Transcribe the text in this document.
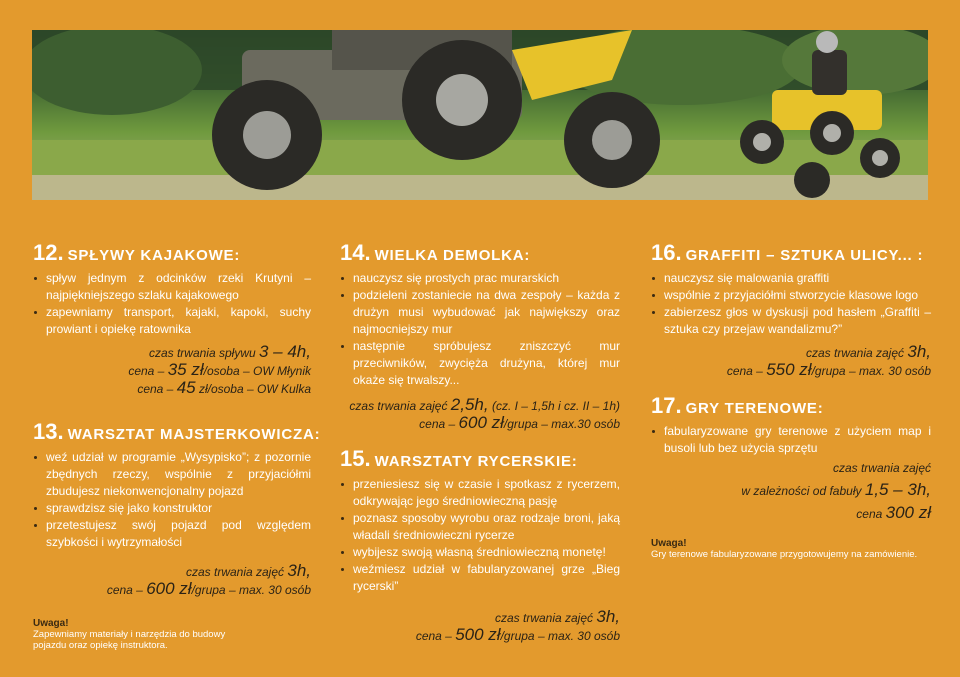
12. SPŁYWY KAJAKOWE:
spływ jednym z odcinków rzeki Krutyni – najpiękniejszego szlaku kajakowego
zapewniamy transport, kajaki, kapoki, suchy prowiant i opiekę ratownika
czas trwania spływu 3 – 4h,
cena – 35 zł/osoba – OW Młynik
cena – 45 zł/osoba – OW Kulka
13. WARSZTAT MAJSTERKOWICZA:
weź udział w programie „Wysypisko”; z pozornie zbędnych rzeczy, wspólnie z przyjaciółmi zbudujesz niekonwencjonalny pojazd
sprawdzisz się jako konstruktor
przetestujesz swój pojazd pod względem szybkości i wytrzymałości
czas trwania zajęć 3h,
cena – 600 zł/grupa – max. 30 osób
Uwaga!
Zapewniamy materiały i narzędzia do budowy pojazdu oraz opiekę instruktora.
14. WIELKA DEMOLKA:
nauczysz się prostych prac murarskich
podzieleni zostaniecie na dwa zespoły – każda z drużyn musi wybudować jak największy oraz najmocniejszy mur
następnie spróbujesz zniszczyć mur przeciwników, zwycięża drużyna, której mur okaże się trwalszy...
czas trwania zajęć 2,5h, (cz. I – 1,5h i cz. II – 1h)
cena – 600 zł/grupa – max.30 osób
15. WARSZTATY RYCERSKIE:
przeniesiesz się w czasie i spotkasz z rycerzem, odkrywając jego średniowieczną pasję
poznasz sposoby wyrobu oraz rodzaje broni, jaką władali średniowieczni rycerze
wybijesz swoją własną średniowieczną monetę!
weźmiesz udział w fabularyzowanej grze „Bieg rycerski”
czas trwania zajęć 3h,
cena – 500 zł/grupa – max. 30 osób
16. GRAFFITI – SZTUKA ULICY... :
nauczysz się malowania graffiti
wspólnie z przyjaciółmi stworzycie klasowe logo
zabierzesz głos w dyskusji pod hasłem „Graffiti – sztuka czy przejaw wandalizmu?”
czas trwania zajęć 3h,
cena – 550 zł/grupa – max. 30 osób
17. GRY TERENOWE:
fabularyzowane gry terenowe z użyciem map i busoli lub bez użycia sprzętu
czas trwania zajęć
w zależności od fabuły 1,5 – 3h,
cena 300 zł
Uwaga!
Gry terenowe fabularyzowane przygotowujemy na zamówienie.
